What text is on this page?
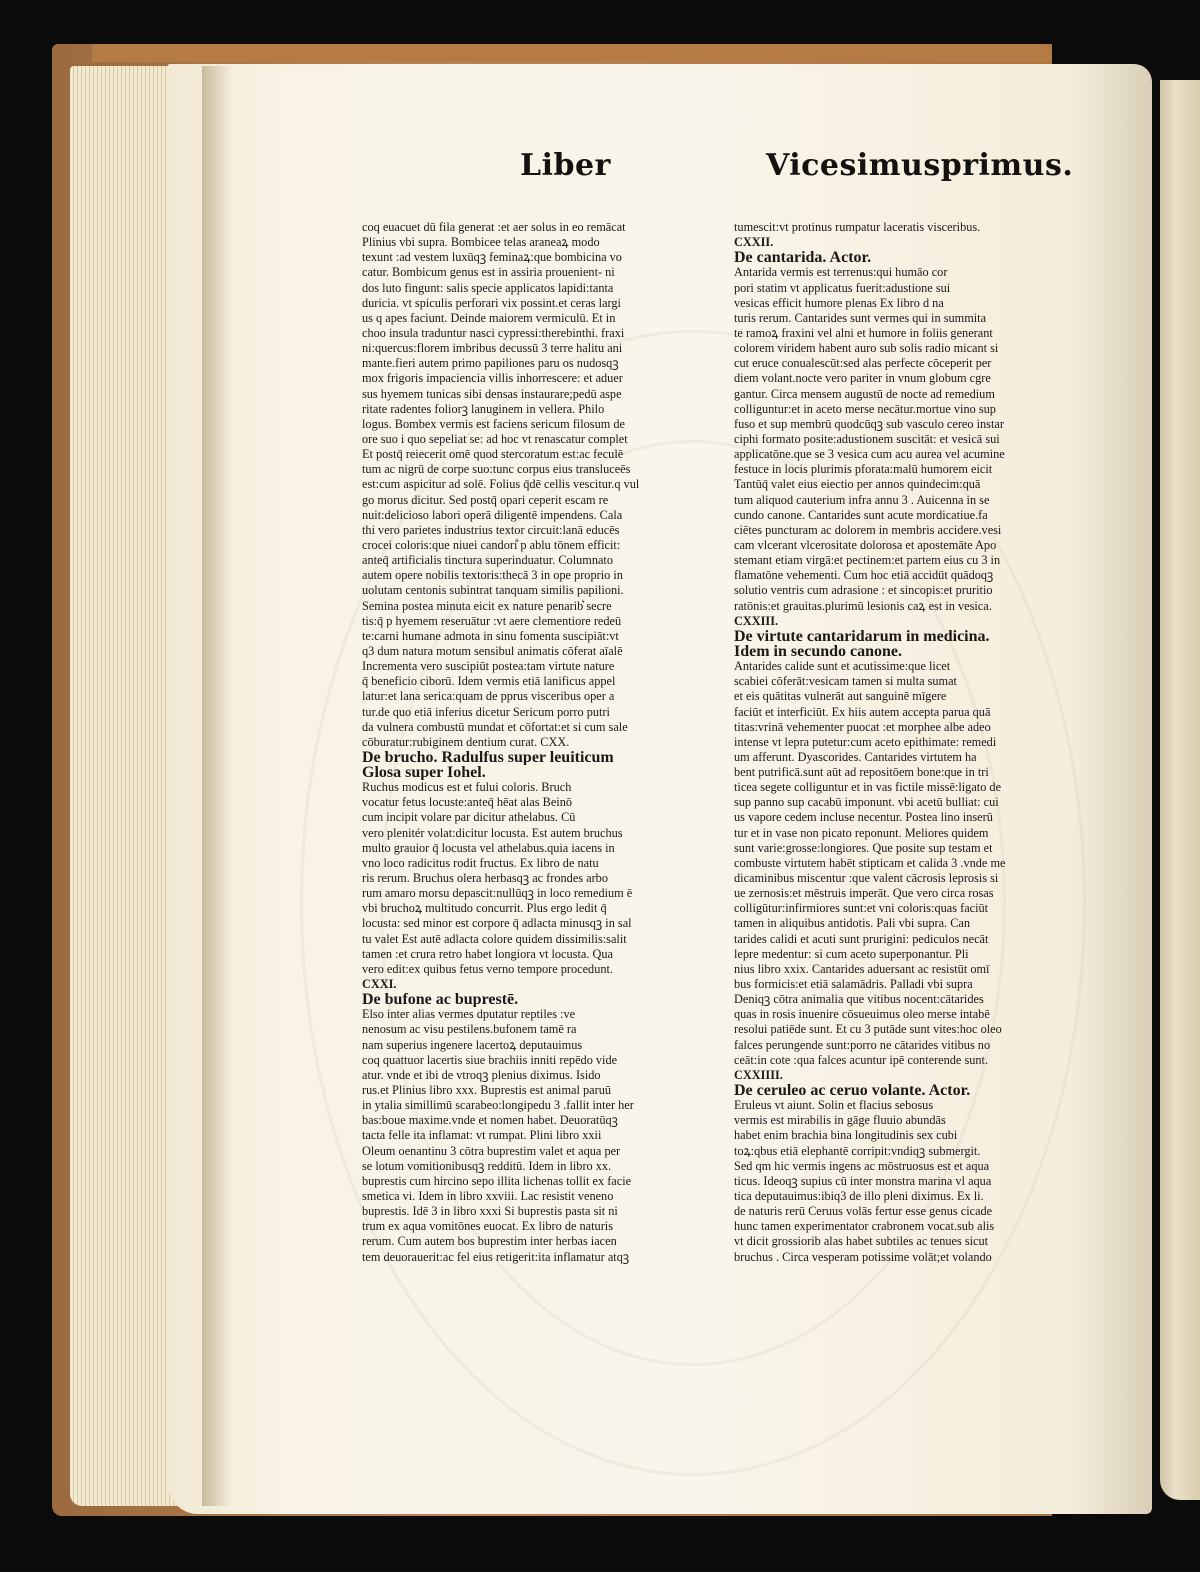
Liber	Vicesimusprimus.
coq euacuet dū fila generat :et aer solus in eo remācat
Plinius vbi supra. Bombicee telas araneaꝝ modo
texunt :ad vestem luxūqꝫ feminaꝝ:que bombicina vo
catur. Bombicum genus est in assiria prouenient- ni
dos luto fingunt: salis specie applicatos lapidi:tanta
duricia. vt spiculis perforari vix possint.et ceras largi
us q apes faciunt. Deinde maiorem vermiculū. Et in
choo insula traduntur nasci cypressi:therebinthi. fraxi
ni:quercus:florem imbribus decussū 3 terre halitu ani
mante.fieri autem primo papiliones paru os nudosqꝫ
mox frigoris impaciencia villis inhorrescere: et aduer
sus hyemem tunicas sibi densas instaurare;pedū aspe
ritate radentes foliorꝫ lanuginem in vellera. Philo
logus. Bombex vermis est faciens sericum filosum de
ore suo i quo sepeliat se: ad hoc vt renascatur complet
Et postq̄ reiecerit omē quod stercoratum est:ac feculē
tum ac nigrū de corpe suo:tunc corpus eius transluceēs
est:cum aspicitur ad solē. Folius q̄dē cellis vescitur.q vul
go morus dicitur. Sed postq̄ opari ceperit escam re
nuit:delicioso labori operā diligentē impendens. Cala
thi vero parietes industrius textor circuit:lanā educēs
crocei coloris:que niuei candori͛ p ablu tōnem efficit:
anteq̄ artificialis tinctura superinduatur. Columnato
autem opere nobilis textoris:thecā 3 in ope proprio in
uolutam centonis subintrat tanquam similis papilioni.
Semina postea minuta eicit ex nature penarib͛ secre
tis:q̄ p hyemem reseruātur :vt aere clementiore redeū
te:carni humane admota in sinu fomenta suscipiāt:vt
q3 dum natura motum sensibul animatis cōferat aīalē
Incrementa vero suscipiūt postea:tam virtute nature
q̄ beneficio ciborū. Idem vermis etiā lanificus appel
latur:et lana serica:quam de pprus visceribus oper a
tur.de quo etiā inferius dicetur Sericum porro putri
da vulnera combustū mundat et cōfortat:et si cum sale
cōburatur:rubiginem dentium curat. CXX.
De brucho. Radulfus super leuiticum
Glosa super Iohel.
Ruchus modicus est et fului coloris. Bruch
vocatur fetus locuste:anteq̄ hēat alas Beinō
cum incipit volare par dicitur athelabus. Cū
vero plenitér volat:dicitur locusta. Est autem bruchus
multo grauior q̄ locusta vel athelabus.quia iacens in
vno loco radicitus rodit fructus. Ex libro de natu
ris rerum. Bruchus olera herbasqꝫ ac frondes arbo
rum amaro morsu depascit:nullūqꝫ in loco remedium ē
vbi bruchoꝝ multitudo concurrit. Plus ergo ledit q̄
locusta: sed minor est corpore q̄ adlacta minusqꝫ in sal
tu valet Est autē adlacta colore quidem dissimilis:salit
tamen :et crura retro habet longiora vt locusta. Qua
vero edit:ex quibus fetus verno tempore procedunt.
CXXI.
De bufone ac buprestē.
Elso inter alias vermes dputatur reptiles :ve
nenosum ac visu pestilens.bufonem tamē ra
nam superius ingenere lacertoꝝ deputauimus
coq quattuor lacertis siue brachiis inniti repēdo vide
atur. vnde et ibi de vtroqꝫ plenius diximus. Isido
rus.et Plinius libro xxx. Buprestis est animal paruū
in ytalia simillimū scarabeo:longipedu 3 .fallit inter her
bas:boue maxime.vnde et nomen habet. Deuoratūqꝫ
tacta felle ita inflamat: vt rumpat. Plini libro xxii
Oleum oenantinu 3 cōtra buprestim valet et aqua per
se lotum vomitionibusqꝫ redditū. Idem in libro xx.
buprestis cum hircino sepo illita lichenas tollit ex facie
smetica vi. Idem in libro xxviii. Lac resistit veneno
buprestis. Idē 3 in libro xxxi Si buprestis pasta sit ni
trum ex aqua vomitōnes euocat. Ex libro de naturis
rerum. Cum autem bos buprestim inter herbas iacen
tem deuorauerit:ac fel eius retigerit:ita inflamatur atqꝫ
tumescit:vt protinus rumpatur laceratis visceribus.
CXXII.
De cantarida. Actor.
Antarida vermis est terrenus:qui humāo cor
pori statim vt applicatus fuerit:adustione sui
vesicas efficit humore plenas Ex libro d na
turis rerum. Cantarides sunt vermes qui in summita
te ramoꝝ fraxini vel alni et humore in foliis generant
colorem viridem habent auro sub solis radio micant si
cut eruce conualescūt:sed alas perfecte cōceperit per
diem volant.nocte vero pariter in vnum globum cgre
gantur. Circa mensem augustū de nocte ad remedium
colliguntur:et in aceto merse necātur.mortue vino sup
fuso et sup membrū quodcūqꝫ sub vasculo cereo instar
ciphi formato posite:adustionem suscitāt: et vesicā sui
applicatōne.que se 3 vesica cum acu aurea vel acumine
festuce in locis plurimis pforata:malū humorem eicit
Tantūq̄ valet eius eiectio per annos quindecim:quā
tum aliquod cauterium infra annu 3 . Auicenna in se
cundo canone. Cantarides sunt acute mordicatiue.fa
ciētes puncturam ac dolorem in membris accidere.vesi
cam vlcerant vlcerositate dolorosa et apostemāte Apo
stemant etiam virgā:et pectinem:et partem eius cu 3 in
flamatōne vehementi. Cum hoc etiā accidūt quādoqꝫ
solutio ventris cum adrasione : et sincopis:et pruritio
ratōnis:et grauitas.plurimū lesionis caꝝ est in vesica.
CXXIII.
De virtute cantaridarum in medicina.
Idem in secundo canone.
Antarides calide sunt et acutissime:que licet
scabiei cōferāt:vesicam tamen si multa sumat
et eis quātitas vulnerāt aut sanguinē mīgere
faciūt et interficiūt. Ex hiis autem accepta parua quā
titas:vrinā vehementer puocat :et morphee albe adeo
intense vt lepra putetur:cum aceto epithimate: remedi
um afferunt. Dyascorides. Cantarides virtutem ha
bent putrificā.sunt aūt ad repositōem bone:que in tri
ticea segete colliguntur et in vas fictile missē:ligato de
sup panno sup cacabū imponunt. vbi acetū bulliat: cui
us vapore cedem incluse necentur. Postea lino inserū
tur et in vase non picato reponunt. Meliores quidem
sunt varie:grosse:longiores. Que posite sup testam et
combuste virtutem habēt stipticam et calida 3 .vnde me
dicaminibus miscentur :que valent cācrosis leprosis si
ue zernosis:et mēstruis imperāt. Que vero circa rosas
colligūtur:infirmiores sunt:et vni coloris:quas faciūt
tamen in aliquibus antidotis. Pali vbi supra. Can
tarides calidi et acuti sunt prurigini: pediculos necāt
lepre medentur: si cum aceto superponantur. Pli
nius libro xxix. Cantarides aduersant ac resistūt omī
bus formicis:et etiā salamādris. Palladi vbi supra
Deniqꝫ cōtra animalia que vitibus nocent:cātarides
quas in rosis inuenire cōsueuimus oleo merse intabē
resolui patiēde sunt. Et cu 3 putāde sunt vites:hoc oleo
falces perungende sunt:porro ne cātarides vitibus no
ceāt:in cote :qua falces acuntur ipē conterende sunt.
CXXIIII.
De ceruleo ac ceruo volante. Actor.
Eruleus vt aiunt. Solin et flacius sebosus
vermis est mirabilis in gāge fluuio abundās
habet enim brachia bina longitudinis sex cubi
toꝝ:qbus etiā elephantē corripit:vndiqꝫ submergit.
Sed qm hic vermis ingens ac mōstruosus est et aqua
ticus. Ideoqꝫ supius cū inter monstra marina vl aqua
tica deputauimus:ibiq3 de illo pleni diximus. Ex li.
de naturis rerū Ceruus volās fertur esse genus cicade
hunc tamen experimentator crabronem vocat.sub alis
vt dicit grossiorib alas habet subtiles ac tenues sicut
bruchus . Circa vesperam potissime volāt;et volando
